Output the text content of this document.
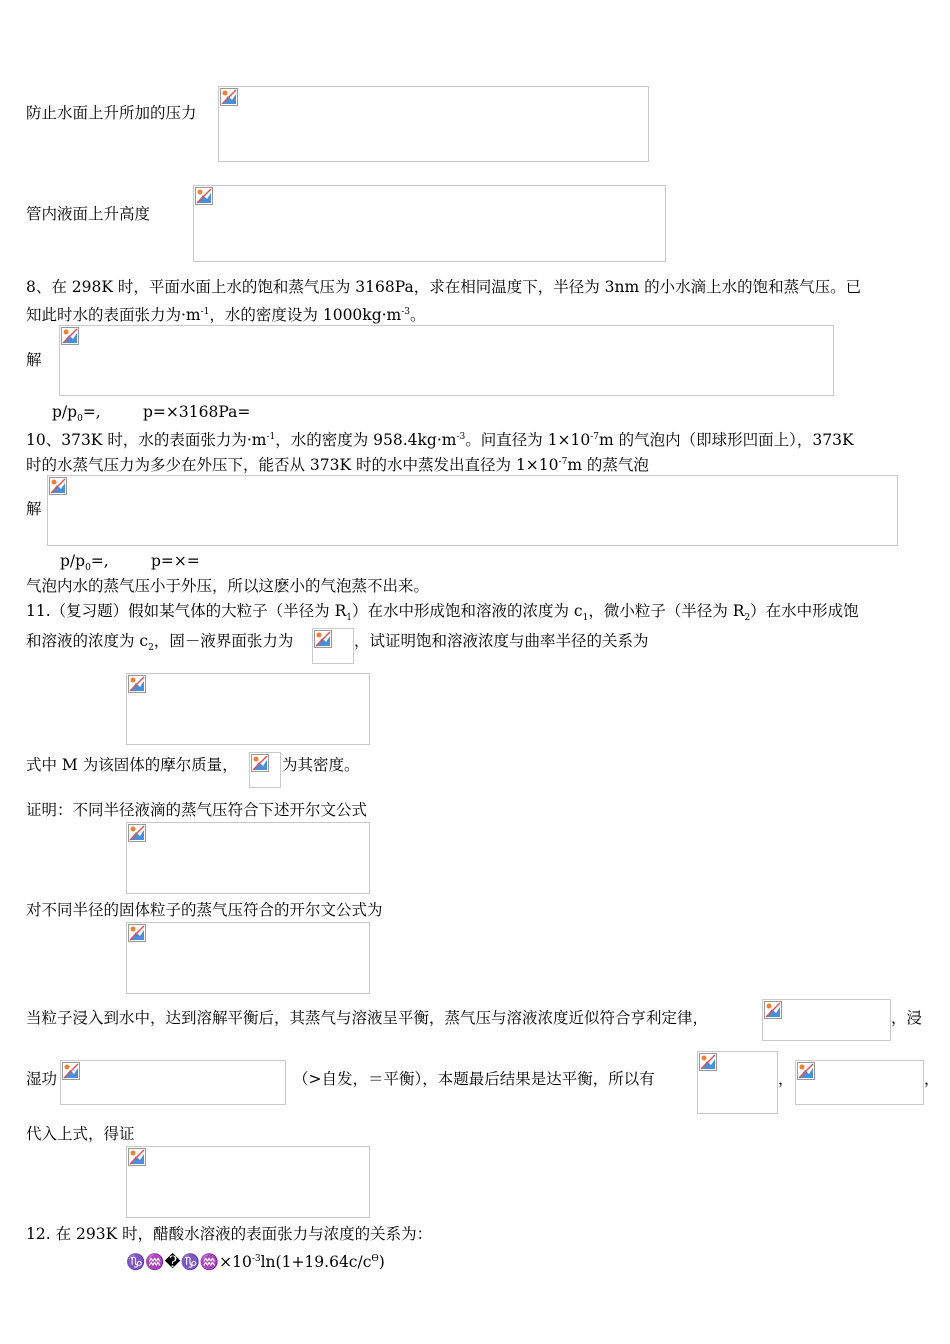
防止水面上升所加的压力
管内液面上升高度
8、在 298K 时，平面水面上水的饱和蒸气压为 3168Pa，求在相同温度下，半径为 3nm 的小水滴上水的饱和蒸气压。已
知此时水的表面张力为$\cdot m^{-1}$，水的密度设为 $1000kg\cdot m^{-3}$。
解
$p/p_0=$,	p=×3168Pa=
10、373K 时，水的表面张力为$\cdot m^{-1}$，水的密度为 $958.4kg\cdot m^{-3}$。问直径为 $1\times 10^{-7}m$ 的气泡内（即球形凹面上），373K
时的水蒸气压力为多少在外压下，能否从 373K 时的水中蒸发出直径为 $1\times 10^{-7}m$ 的蒸气泡
解
$p/p_0=$,	p=×=
气泡内水的蒸气压小于外压，所以这麽小的气泡蒸不出来。
11.（复习题）假如某气体的大粒子（半径为 $R_1$）在水中形成饱和溶液的浓度为 $c_1$，微小粒子（半径为 $R_2$）在水中形成饱
和溶液的浓度为 $c_2$，固－液界面张力为	，试证明饱和溶液浓度与曲率半径的关系为
式中 M 为该固体的摩尔质量，	为其密度。
证明：不同半径液滴的蒸气压符合下述开尔文公式
对不同半径的固体粒子的蒸气压符合的开尔文公式为
当粒子浸入到水中，达到溶解平衡后，其蒸气与溶液呈平衡，蒸气压与溶液浓度近似符合亨利定律，	，浸
湿功	（>自发，＝平衡），本题最后结果是达平衡，所以有	，	，
代入上式，得证
12. 在 293K 时，醋酸水溶液的表面张力与浓度的关系为：
$♑♒�♑♒\times 10^{-3}\ln(1+19.64c/c^ϴ)$
